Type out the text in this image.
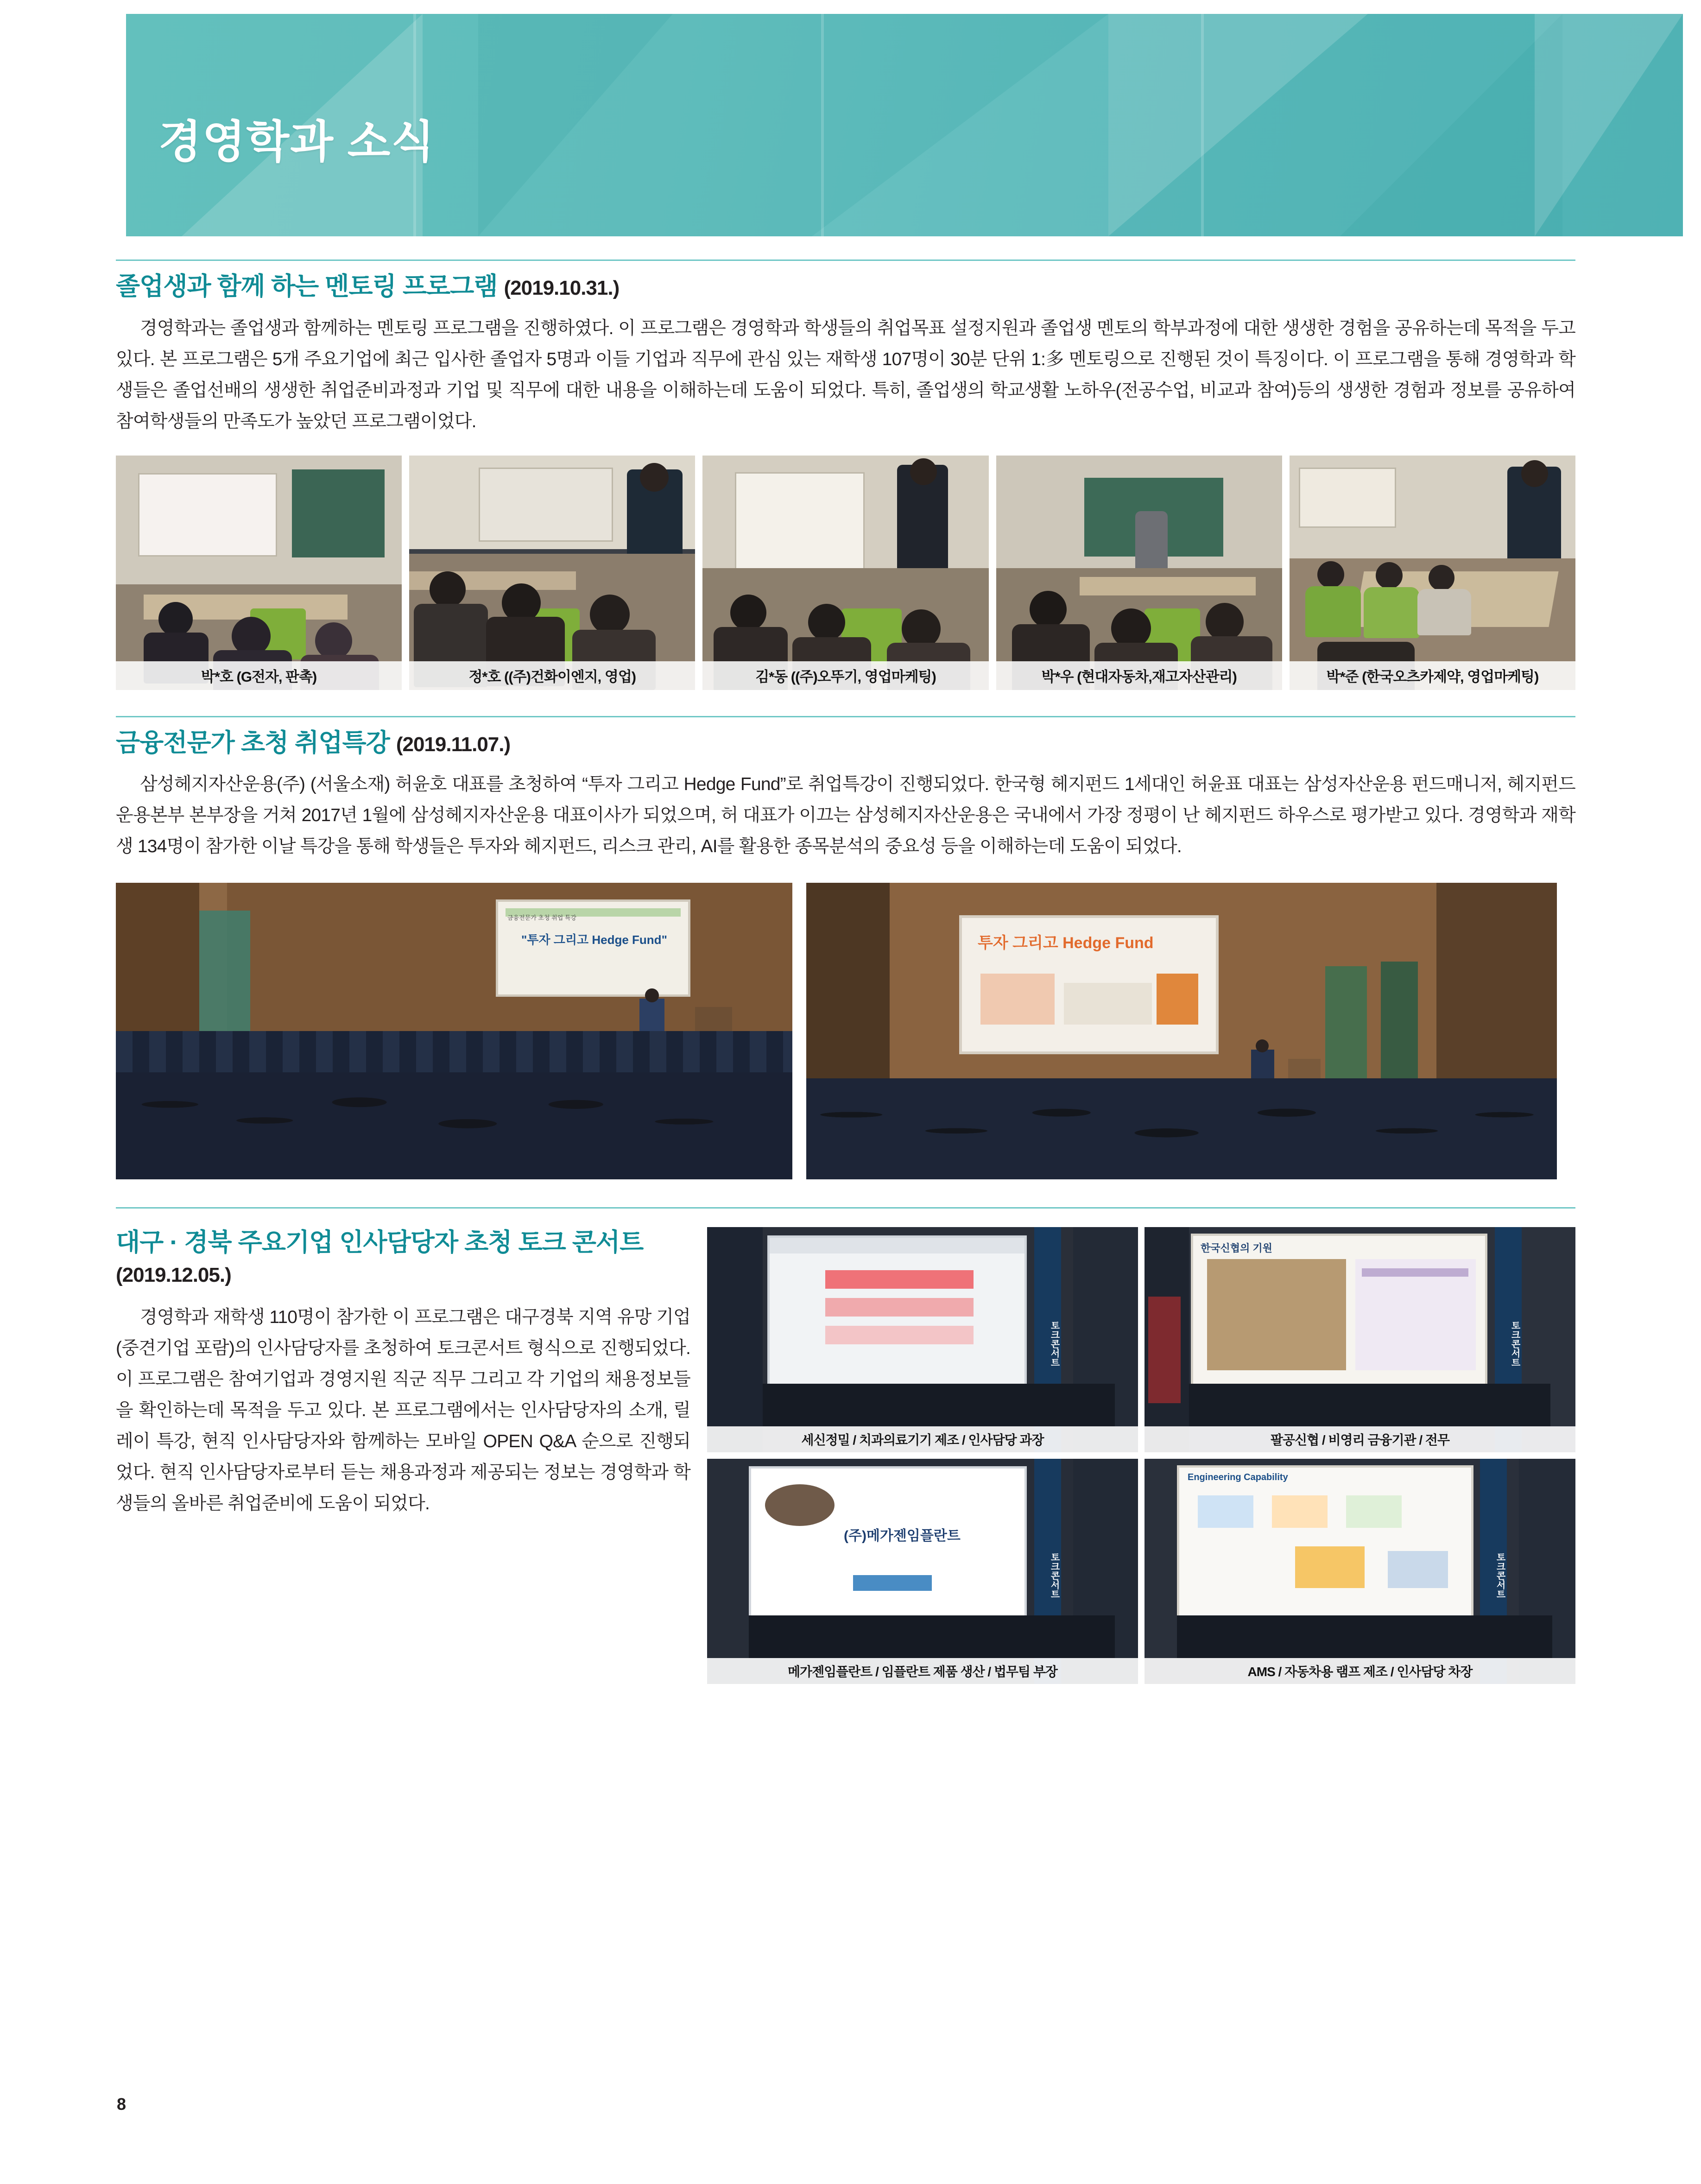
경영학과 소식
졸업생과 함께 하는 멘토링 프로그램 (2019.10.31.)

경영학과는 졸업생과 함께하는 멘토링 프로그램을 진행하였다. 이 프로그램은 경영학과 학생들의 취업목표 설정지원과 졸업생 멘토의 학부과정에 대한 생생한 경험을 공유하는데 목적을 두고 있다. 본 프로그램은 5개 주요기업에 최근 입사한 졸업자 5명과 이들 기업과 직무에 관심 있는 재학생 107명이 30분 단위 1:多 멘토링으로 진행된 것이 특징이다. 이 프로그램을 통해 경영학과 학생들은 졸업선배의 생생한 취업준비과정과 기업 및 직무에 대한 내용을 이해하는데 도움이 되었다. 특히, 졸업생의 학교생활 노하우(전공수업, 비교과 참여)등의 생생한 경험과 정보를 공유하여 참여학생들의 만족도가 높았던 프로그램이었다.

박*호 (G전자, 판촉)	정*호 ((주)건화이엔지, 영업)	김*동 ((주)오뚜기, 영업마케팅)	박*우 (현대자동차,재고자산관리)	박*준 (한국오츠카제약, 영업마케팅)
금융전문가 초청 취업특강 (2019.11.07.)

삼성헤지자산운용(주) (서울소재) 허윤호 대표를 초청하여 “투자 그리고 Hedge Fund”로 취업특강이 진행되었다. 한국형 헤지펀드 1세대인 허윤표 대표는 삼성자산운용 펀드매니저, 헤지펀드운용본부 본부장을 거쳐 2017년 1월에 삼성헤지자산운용 대표이사가 되었으며, 허 대표가 이끄는 삼성헤지자산운용은 국내에서 가장 정평이 난 헤지펀드 하우스로 평가받고 있다. 경영학과 재학생 134명이 참가한 이날 특강을 통해 학생들은 투자와 헤지펀드, 리스크 관리, AI를 활용한 종목분석의 중요성 등을 이해하는데 도움이 되었다.

"투자 그리고 Hedge Fund"
금융전문가 초청 취업 특강
투자 그리고 Hedge Fund
대구 · 경북 주요기업 인사담당자 초청 토크 콘서트 (2019.12.05.)

경영학과 재학생 110명이 참가한 이 프로그램은 대구경북 지역 유망 기업(중견기업 포람)의 인사담당자를 초청하여 토크콘서트 형식으로 진행되었다. 이 프로그램은 참여기업과 경영지원 직군 직무 그리고 각 기업의 채용정보들을 확인하는데 목적을 두고 있다. 본 프로그램에서는 인사담당자의 소개, 릴레이 특강, 현직 인사담당자와 함께하는 모바일 OPEN Q&A 순으로 진행되었다. 현직 인사담당자로부터 듣는 채용과정과 제공되는 정보는 경영학과 학생들의 올바른 취업준비에 도움이 되었다.

토크콘서트
세신정밀 / 치과의료기기 제조 / 인사담당 과장
한국신협의 기원
토크콘서트
팔공신협 / 비영리 금융기관 / 전무
(주)메가젠임플란트
토크콘서트
메가젠임플란트 / 임플란트 제품 생산 / 법무팀 부장
Engineering Capability
토크콘서트
AMS / 자동차용 램프 제조 / 인사담당 차장
8
